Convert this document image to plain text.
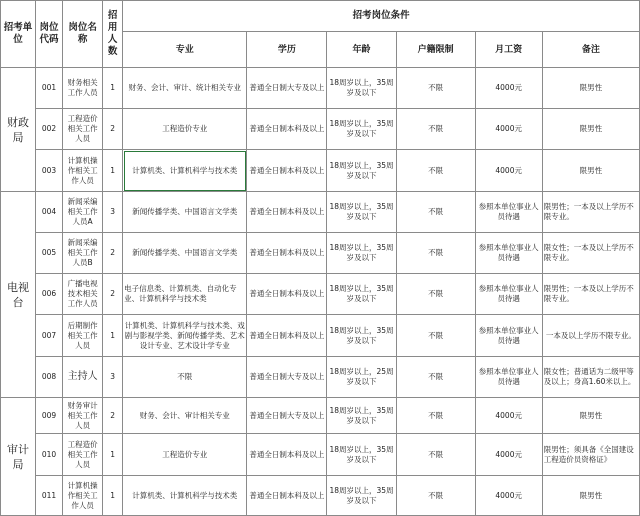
招考单位	岗位代码	岗位名称	招用人数	招考岗位条件					
				专业	学历	年龄	户籍限制	月工资	备注
财政局	001	财务相关工作人员	1	财务、会计、审计、统计相关专业	普通全日制大专及以上	18周岁以上，35周岁及以下	不限	4000元	限男性
	002	工程造价相关工作人员	2	工程造价专业	普通全日制本科及以上	18周岁以上，35周岁及以下	不限	4000元	限男性
	003	计算机操作相关工作人员	1	计算机类、计算机科学与技术类	普通全日制本科及以上	18周岁以上，35周岁及以下	不限	4000元	限男性
电视台	004	新闻采编相关工作人员A	3	新闻传播学类、中国语言文学类	普通全日制本科及以上	18周岁以上，35周岁及以下	不限	参照本单位事业人员待遇	限男性；一本及以上学历不限专业。
	005	新闻采编相关工作人员B	2	新闻传播学类、中国语言文学类	普通全日制本科及以上	18周岁以上，35周岁及以下	不限	参照本单位事业人员待遇	限女性；一本及以上学历不限专业。
	006	广播电视技术相关工作人员	2	电子信息类、计算机类、自动化专业、计算机科学与技术类	普通全日制本科及以上	18周岁以上，35周岁及以下	不限	参照本单位事业人员待遇	限男性；一本及以上学历不限专业。
	007	后期制作相关工作人员	1	计算机类、计算机科学与技术类、戏剧与影视学类、新闻传播学类、艺术设计专业、艺术设计学专业	普通全日制本科及以上	18周岁以上，35周岁及以下	不限	参照本单位事业人员待遇	一本及以上学历不限专业。
	008	主持人	3	不限	普通全日制大专及以上	18周岁以上，25周岁及以下	不限	参照本单位事业人员待遇	限女性；普通话为二级甲等及以上；身高1.60米以上。
审计局	009	财务审计相关工作人员	2	财务、会计、审计相关专业	普通全日制大专及以上	18周岁以上，35周岁及以下	不限	4000元	限男性
	010	工程造价相关工作人员	1	工程造价专业	普通全日制本科及以上	18周岁以上，35周岁及以下	不限	4000元	限男性；须具备《全国建设工程造价员资格证》
	011	计算机操作相关工作人员	1	计算机类、计算机科学与技术类	普通全日制本科及以上	18周岁以上，35周岁及以下	不限	4000元	限男性
